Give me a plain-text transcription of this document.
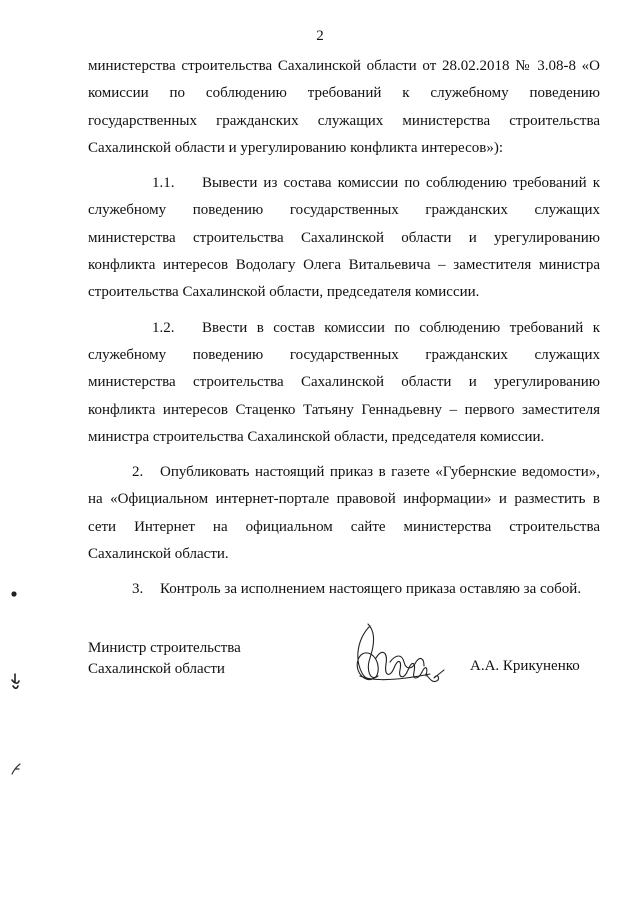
2

министерства строительства Сахалинской области от 28.02.2018 № 3.08-8 «О комиссии по соблюдению требований к служебному поведению государственных гражданских служащих министерства строительства Сахалинской области и урегулированию конфликта интересов»):

1.1. Вывести из состава комиссии по соблюдению требований к служебному поведению государственных гражданских служащих министерства строительства Сахалинской области и урегулированию конфликта интересов Водолагу Олега Витальевича – заместителя министра строительства Сахалинской области, председателя комиссии.

1.2. Ввести в состав комиссии по соблюдению требований к служебному поведению государственных гражданских служащих министерства строительства Сахалинской области и урегулированию конфликта интересов Стаценко Татьяну Геннадьевну – первого заместителя министра строительства Сахалинской области, председателя комиссии.

2. Опубликовать настоящий приказ в газете «Губернские ведомости», на «Официальном интернет-портале правовой информации» и разместить в сети Интернет на официальном сайте министерства строительства Сахалинской области.

3. Контроль за исполнением настоящего приказа оставляю за собой.

Министр строительства
Сахалинской области	А.А. Крикуненко
